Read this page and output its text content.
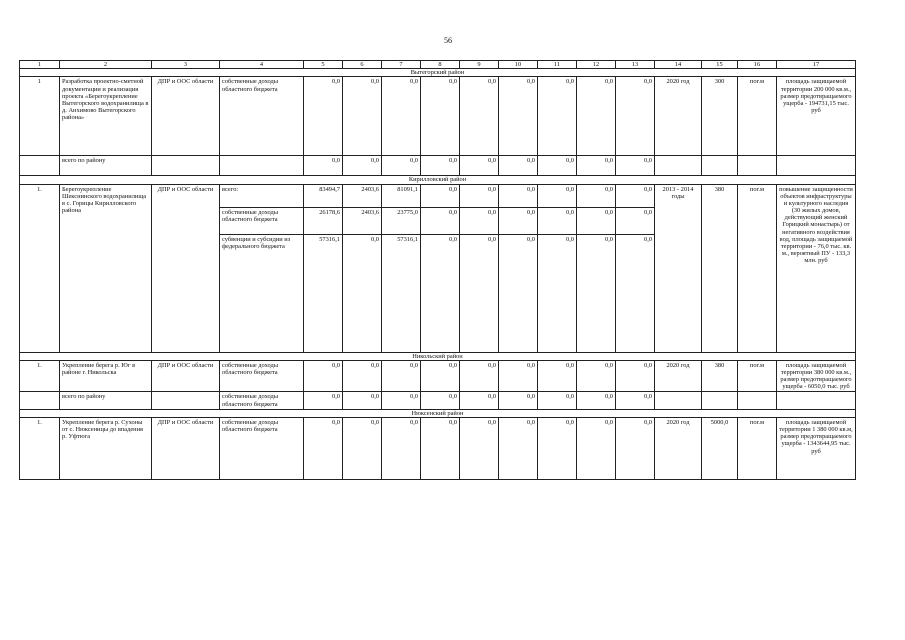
56
1	2	3	4	5	6	7	8	9	10	11	12	13	14	15	16	17
Вытегорский район																
1	Разработка проектно-сметной документации и реализация проекта «Берегоукрепление Вытегорского водохранилища в д. Анхимово Вытегорского района»	ДПР и ООС области	собственные доходы областного бюджета	0,0	0,0	0,0	0,0	0,0	0,0	0,0	0,0	0,0	2020 год	300	пог.м	площадь защищаемой территории 200 000 кв.м., размер предотвращаемого ущерба - 194731,15 тыс. руб
	всего по району			0,0	0,0	0,0	0,0	0,0	0,0	0,0	0,0	0,0				
Кирилловский район																
1.	Берегоукрепление Шекснинского водохранилища в с. Горицы Кирилловского района	ДПР и ООС области	всего:	83494,7	2403,6	81091,1	0,0	0,0	0,0	0,0	0,0	0,0	2013 - 2014 годы	380	пог.м	повышение защищенности объектов инфраструктуры и культурного наследия (30 жилых домов, действующий женский Горицкий монастырь) от негативного воздействия вод, площадь защищаемой территории - 76,0 тыс. кв. м., вероятный ПУ - 133,3 млн. руб
			собственные доходы областного бюджета	26178,6	2403,6	23775,0	0,0	0,0	0,0	0,0	0,0	0,0				
			субвенции и субсидии из федерального бюджета	57316,1	0,0	57316,1	0,0	0,0	0,0	0,0	0,0	0,0				
Никольский район																
1.	Укрепление берега р. Юг в районе г. Никольска	ДПР и ООС области	собственные доходы областного бюджета	0,0	0,0	0,0	0,0	0,0	0,0	0,0	0,0	0,0	2020 год	380	пог.м	площадь защищаемой территории 380 000 кв.м., размер предотвращаемого ущерба - 6050,0 тыс. руб
	всего по району		собственные доходы областного бюджета	0,0	0,0	0,0	0,0	0,0	0,0	0,0	0,0	0,0				
Нюксенский район																
1.	Укрепление берега р. Сухоны от с. Нюксеницы до впадения р. Уфтюга	ДПР и ООС области	собственные доходы областного бюджета	0,0	0,0	0,0	0,0	0,0	0,0	0,0	0,0	0,0	2020 год	5000,0	пог.м	площадь защищаемой территории 1 380 000 кв.м, размер предотвращаемого ущерба - 1343644,95 тыс. руб
